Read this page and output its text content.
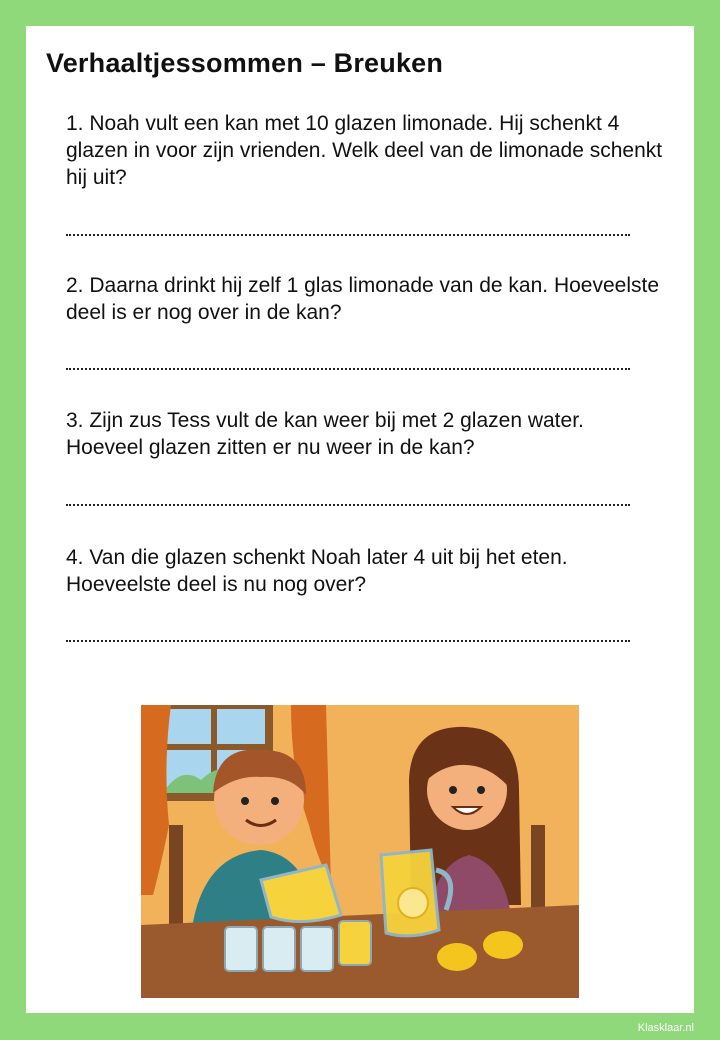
Verhaaltjessommen – Breuken
1. Noah vult een kan met 10 glazen limonade. Hij schenkt 4 glazen in voor zijn vrienden. Welk deel van de limonade schenkt hij uit?
2. Daarna drinkt hij zelf 1 glas limonade van de kan. Hoeveelste deel is er nog over in de kan?
3. Zijn zus Tess vult de kan weer bij met 2 glazen water. Hoeveel glazen zitten er nu weer in de kan?
4. Van die glazen schenkt Noah later 4 uit bij het eten. Hoeveelste deel is nu nog over?
Klasklaar.nl
